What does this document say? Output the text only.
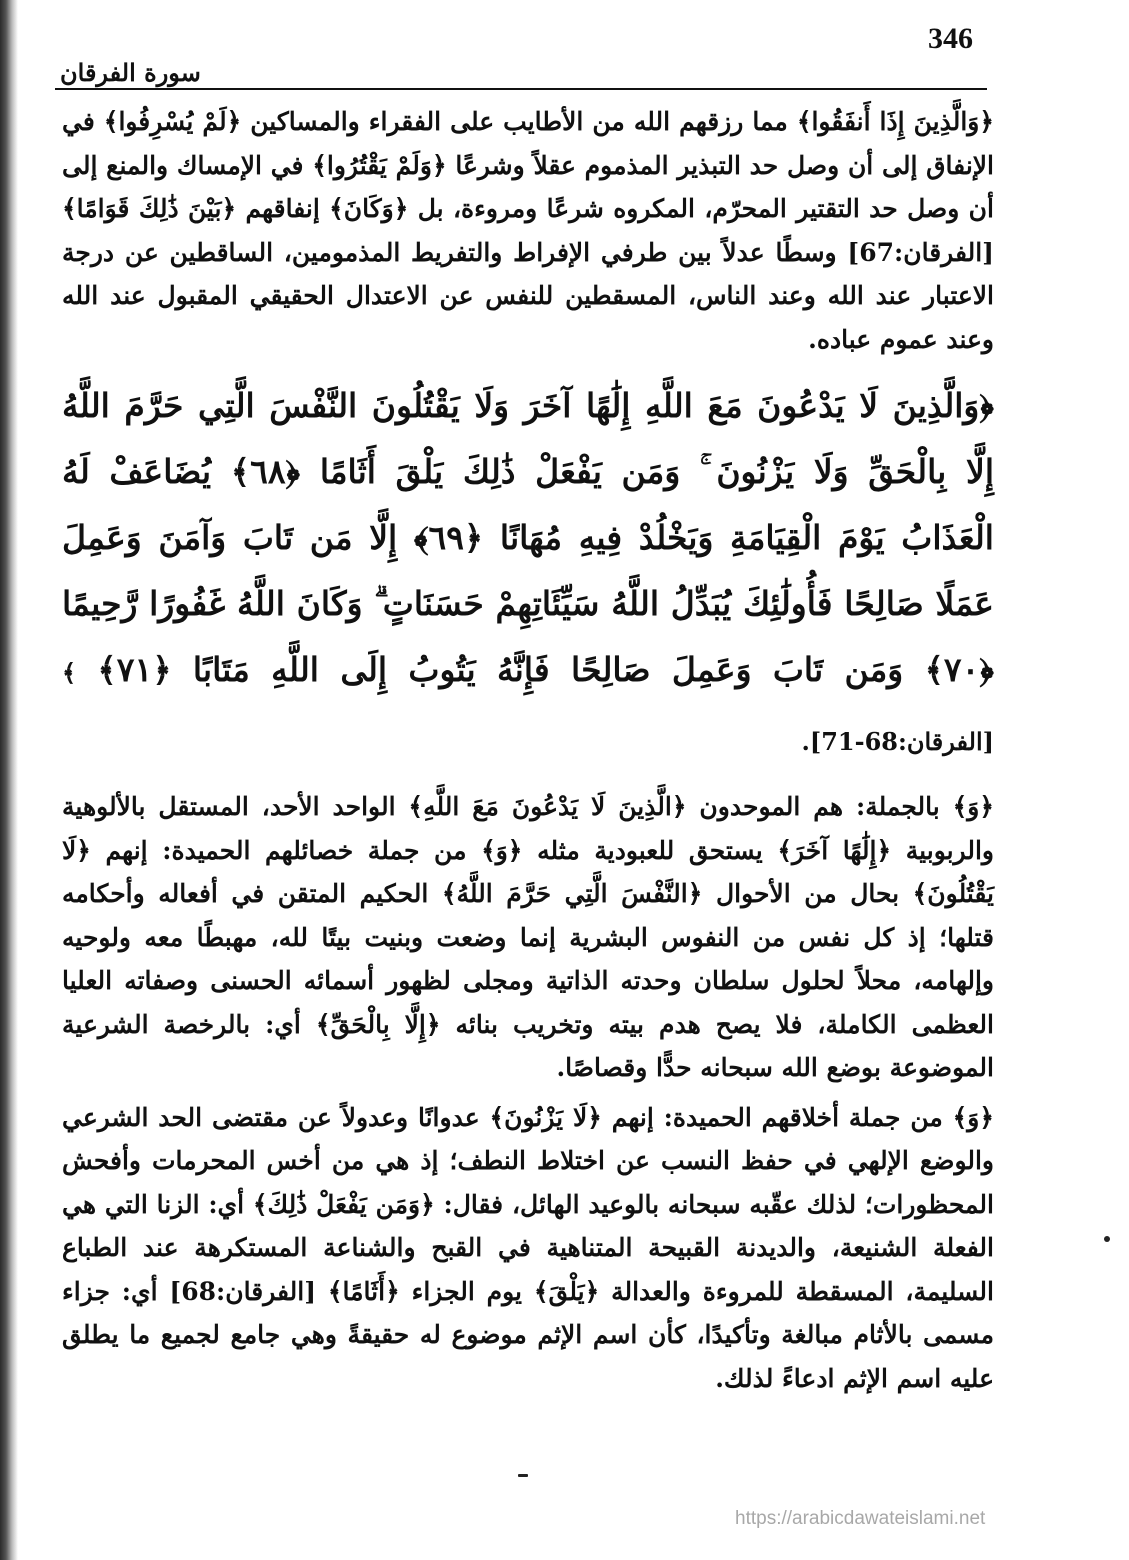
346
سورة الفرقان

﴿وَالَّذِينَ إِذَا أَنفَقُوا﴾ مما رزقهم الله من الأطايب على الفقراء والمساكين ﴿لَمْ يُسْرِفُوا﴾ في الإنفاق إلى أن وصل حد التبذير المذموم عقلاً وشرعًا ﴿وَلَمْ يَقْتُرُوا﴾ في الإمساك والمنع إلى أن وصل حد التقتير المحرّم، المكروه شرعًا ومروءة، بل ﴿وَكَانَ﴾ إنفاقهم ﴿بَيْنَ ذَٰلِكَ قَوَامًا﴾ [الفرقان:67] وسطًا عدلاً بين طرفي الإفراط والتفريط المذمومين، الساقطين عن درجة الاعتبار عند الله وعند الناس، المسقطين للنفس عن الاعتدال الحقيقي المقبول عند الله وعند عموم عباده.

﴿وَالَّذِينَ لَا يَدْعُونَ مَعَ اللَّهِ إِلَٰهًا آخَرَ وَلَا يَقْتُلُونَ النَّفْسَ الَّتِي حَرَّمَ اللَّهُ إِلَّا بِالْحَقِّ وَلَا يَزْنُونَ ۚ وَمَن يَفْعَلْ ذَٰلِكَ يَلْقَ أَثَامًا ﴿٦٨﴾ يُضَاعَفْ لَهُ الْعَذَابُ يَوْمَ الْقِيَامَةِ وَيَخْلُدْ فِيهِ مُهَانًا ﴿٦٩﴾ إِلَّا مَن تَابَ وَآمَنَ وَعَمِلَ عَمَلًا صَالِحًا فَأُولَٰئِكَ يُبَدِّلُ اللَّهُ سَيِّئَاتِهِمْ حَسَنَاتٍ ۗ وَكَانَ اللَّهُ غَفُورًا رَّحِيمًا ﴿٧٠﴾ وَمَن تَابَ وَعَمِلَ صَالِحًا فَإِنَّهُ يَتُوبُ إِلَى اللَّهِ مَتَابًا ﴿٧١﴾ ﴾ [الفرقان:68-71].

﴿وَ﴾ بالجملة: هم الموحدون ﴿الَّذِينَ لَا يَدْعُونَ مَعَ اللَّهِ﴾ الواحد الأحد، المستقل بالألوهية والربوبية ﴿إِلَٰهًا آخَرَ﴾ يستحق للعبودية مثله ﴿وَ﴾ من جملة خصائلهم الحميدة: إنهم ﴿لَا يَقْتُلُونَ﴾ بحال من الأحوال ﴿النَّفْسَ الَّتِي حَرَّمَ اللَّهُ﴾ الحكيم المتقن في أفعاله وأحكامه قتلها؛ إذ كل نفس من النفوس البشرية إنما وضعت وبنيت بيتًا لله، مهبطًا معه ولوحيه وإلهامه، محلاً لحلول سلطان وحدته الذاتية ومجلى لظهور أسمائه الحسنى وصفاته العليا العظمى الكاملة، فلا يصح هدم بيته وتخريب بنائه ﴿إِلَّا بِالْحَقِّ﴾ أي: بالرخصة الشرعية الموضوعة بوضع الله سبحانه حدًّا وقصاصًا.

﴿وَ﴾ من جملة أخلاقهم الحميدة: إنهم ﴿لَا يَزْنُونَ﴾ عدوانًا وعدولاً عن مقتضى الحد الشرعي والوضع الإلهي في حفظ النسب عن اختلاط النطف؛ إذ هي من أخس المحرمات وأفحش المحظورات؛ لذلك عقّبه سبحانه بالوعيد الهائل، فقال: ﴿وَمَن يَفْعَلْ ذَٰلِكَ﴾ أي: الزنا التي هي الفعلة الشنيعة، والديدنة القبيحة المتناهية في القبح والشناعة المستكرهة عند الطباع السليمة، المسقطة للمروءة والعدالة ﴿يَلْقَ﴾ يوم الجزاء ﴿أَثَامًا﴾ [الفرقان:68] أي: جزاء مسمى بالأثام مبالغة وتأكيدًا، كأن اسم الإثم موضوع له حقيقةً وهي جامع لجميع ما يطلق عليه اسم الإثم ادعاءً لذلك.

https://arabicdawateislami.net
